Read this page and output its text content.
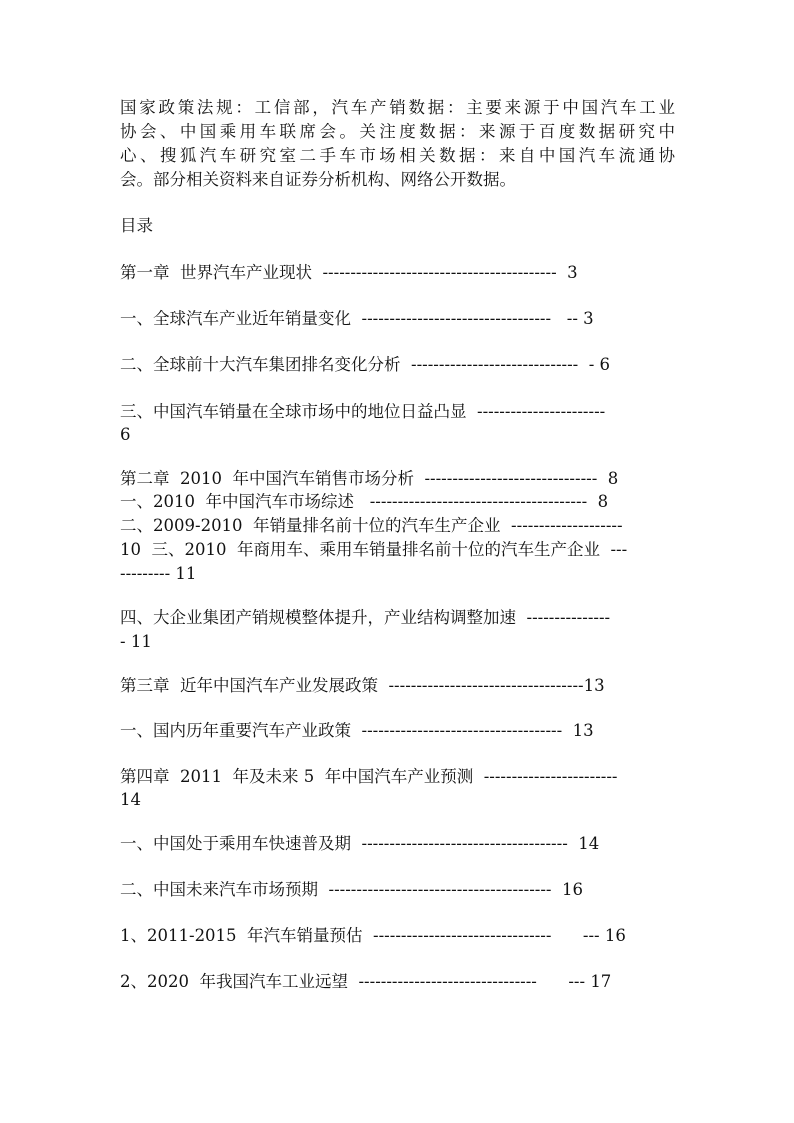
国家政策法规：工信部，汽车产销数据：主要来源于中国汽车工业
协会、中国乘用车联席会。关注度数据：来源于百度数据研究中
心、搜狐汽车研究室二手车市场相关数据：来自中国汽车流通协
会。部分相关资料来自证券分析机构、网络公开数据。
目录
第一章  世界汽车产业现状  ------------------------------------------  3
一、全球汽车产业近年销量变化  ----------------------------------   -- 3
二、全球前十大汽车集团排名变化分析  ------------------------------  - 6
三、中国汽车销量在全球市场中的地位日益凸显  -----------------------
6
第二章  2010  年中国汽车销售市场分析  -------------------------------  8
一、2010  年中国汽车市场综述   ---------------------------------------  8
二、2009-2010  年销量排名前十位的汽车生产企业  --------------------
10  三、2010  年商用车、乘用车销量排名前十位的汽车生产企业  ---
--------- 11
四、大企业集团产销规模整体提升，产业结构调整加速  ---------------
- 11
第三章  近年中国汽车产业发展政策  -----------------------------------13
一、国内历年重要汽车产业政策  ------------------------------------  13
第四章  2011  年及未来 5  年中国汽车产业预测  ------------------------
14
一、中国处于乘用车快速普及期  -------------------------------------  14
二、中国未来汽车市场预期  ----------------------------------------  16
1、2011-2015  年汽车销量预估  --------------------------------      --- 16
2、2020  年我国汽车工业远望  --------------------------------      --- 17
